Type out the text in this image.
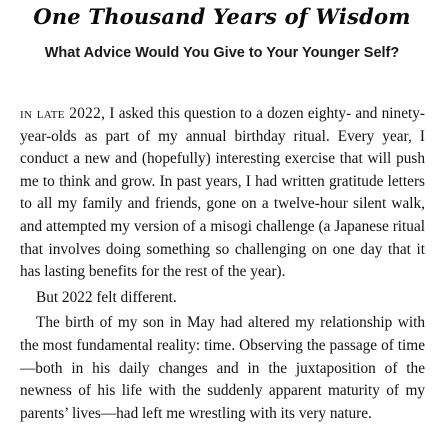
One Thousand Years of Wisdom
What Advice Would You Give to Your Younger Self?

in late 2022, I asked this question to a dozen eighty- and ninety-year-olds as part of my annual birthday ritual. Every year, I conduct a new and (hopefully) interesting exercise that will push me to think and grow. In past years, I had written gratitude letters to all my family and friends, gone on a twelve-hour silent walk, and attempted my version of a misogi challenge (a Japanese ritual that involves doing something so challenging on one day that it has lasting benefits for the rest of the year).

But 2022 felt different.

The birth of my son in May had altered my relationship with the most fundamental reality: time. Observing the passage of time—both in his daily changes and in the juxtaposition of the newness of his life with the suddenly apparent maturity of my parents’ lives—had left me wrestling with its very nature.
